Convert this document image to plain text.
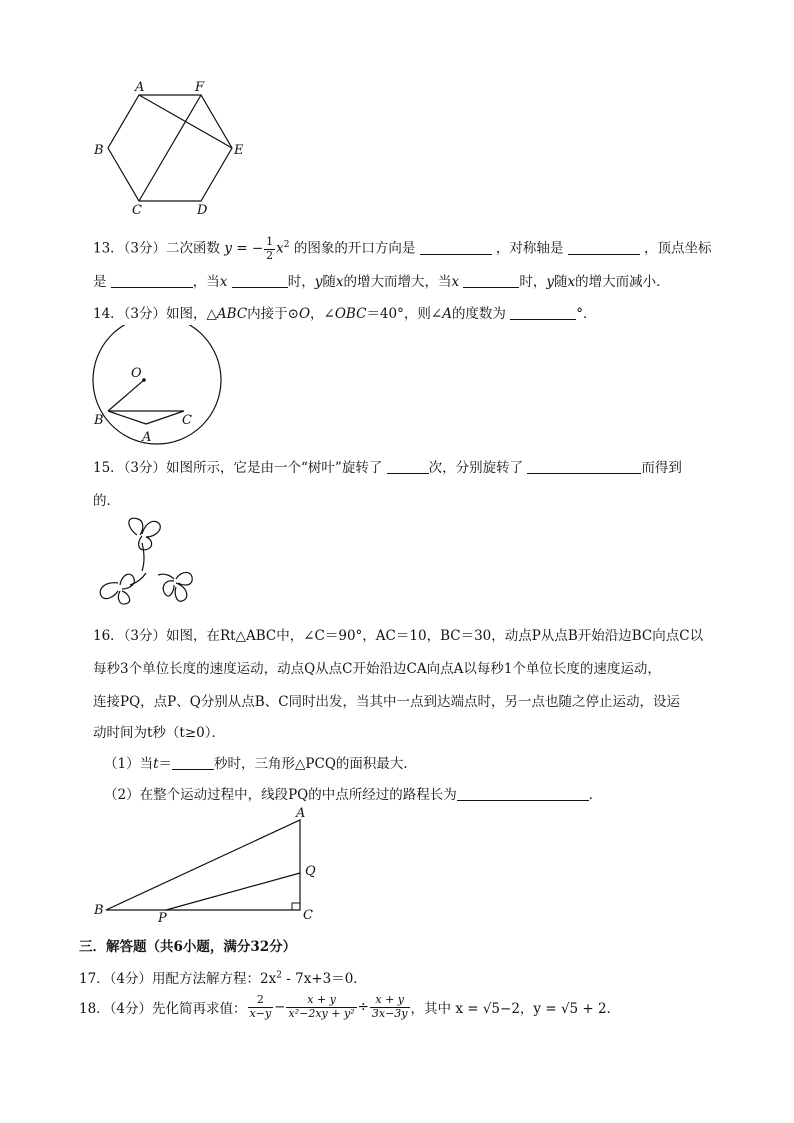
A	F
B	E
C	D
13．（3分）二次函数 y = − $\frac{1}{2} x^2$ 的图象的开口方向是	，对称轴是	，顶点坐标
是	，当x	时，y随x的增大而增大，当x	时，y随x的增大而减小．
14．（3分）如图，△ABC内接于⊙O，∠OBC＝40°，则∠A的度数为	°．
O
B	C
A
15．（3分）如图所示，它是由一个“树叶”旋转了	次，分别旋转了	而得到
的．
16．（3分）如图，在Rt△ABC中，∠C＝90°，AC＝10，BC＝30，动点P从点B开始沿边BC向点C以
每秒3个单位长度的速度运动，动点Q从点C开始沿边CA向点A以每秒1个单位长度的速度运动，
连接PQ，点P、Q分别从点B、C同时出发，当其中一点到达端点时，另一点也随之停止运动，设运
动时间为t秒（t≥0）．
（1）当t＝	秒时，三角形△PCQ的面积最大．
（2）在整个运动过程中，线段PQ的中点所经过的路程长为	．
A
Q
B
P	C
三．解答题（共6小题，满分32分）
17．（4分）用配方法解方程：$2x^2 - 7x+3=0$．
18．（4分）先化简再求值： $\frac{2}{x-y} - \frac{x + y}{\text{x²−2xy + y²}} \div \frac{x + y}{3x-3y}$ ，其中 x = √5−2，y = √5 + 2．
